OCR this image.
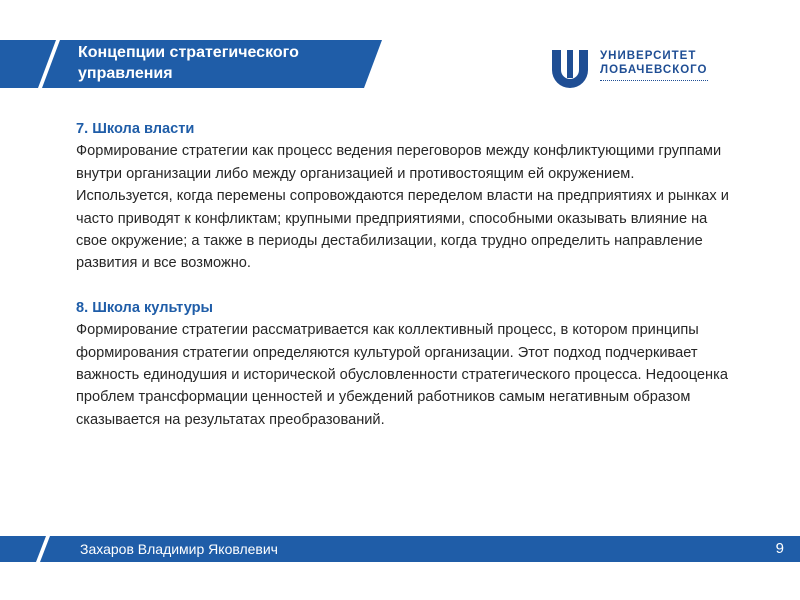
Концепции стратегического
управления
УНИВЕРСИТЕТ
ЛОБАЧЕВСКОГО
7. Школа власти

Формирование стратегии как процесс ведения переговоров между конфликтующими группами внутри организации либо между организацией и противостоящим ей окружением.

Используется, когда перемены сопровождаются переделом власти на предприятиях и рынках и часто приводят к конфликтам; крупными предприятиями, способными оказывать влияние на свое окружение; а также в периоды дестабилизации, когда трудно определить направление развития и все возможно.

8. Школа культуры

Формирование стратегии рассматривается как коллективный процесс, в котором принципы формирования стратегии определяются культурой организации. Этот подход подчеркивает важность единодушия и исторической обусловленности стратегического процесса. Недооценка проблем трансформации ценностей и убеждений работников самым негативным образом сказывается на результатах преобразований.

Захаров Владимир Яковлевич	9
